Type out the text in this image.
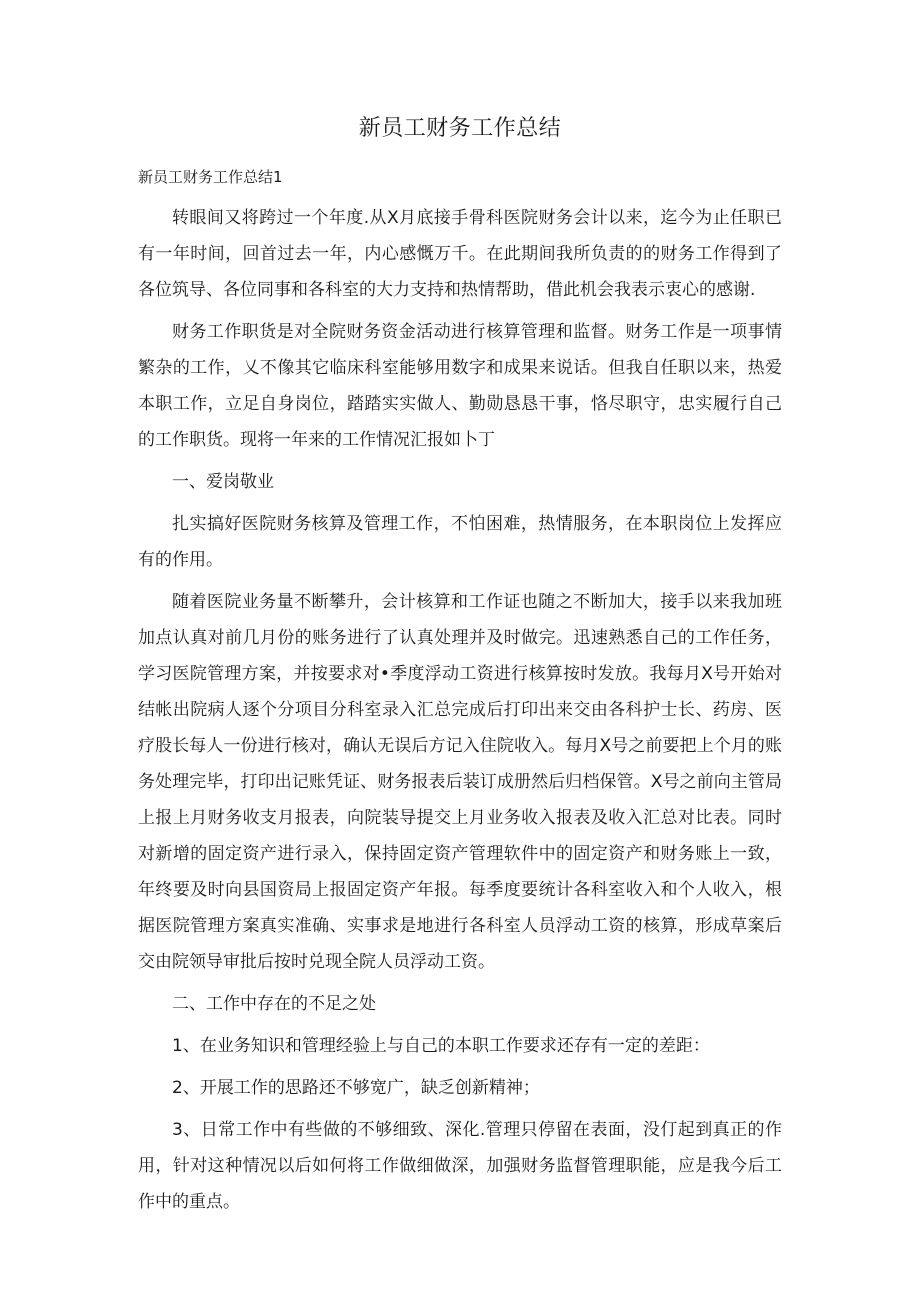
新员工财务工作总结
新员工财务工作总结1

转眼间又将跨过一个年度.从X月底接手骨科医院财务会计以来，迄今为止任职已有一年时间，回首过去一年，内心感慨万千。在此期间我所负责的的财务工作得到了各位筑导、各位同事和各科室的大力支持和热情帮助，借此机会我表示衷心的感谢.

财务工作职货是对全院财务资金活动进行核算管理和监督。财务工作是一项事情繁杂的工作，乂不像其它临床科室能够用数字和成果来说话。但我自任职以来，热爱本职工作，立足自身岗位，踏踏实实做人、勤勋恳恳干事，恪尽职守，忠实履行自己的工作职货。现将一年来的工作情况汇报如卜丁

一、爱岗敬业

扎实搞好医院财务核算及管理工作，不怕困难，热情服务，在本职岗位上发挥应有的作用。

随着医院业务量不断攀升，会计核算和工作证也随之不断加大，接手以来我加班加点认真对前几月份的账务进行了认真处理并及时做完。迅速熟悉自己的工作任务，学习医院管理方案，并按要求对•季度浮动工资进行核算按时发放。我每月X号开始对结帐出院病人逐个分项目分科室录入汇总完成后打印出来交由各科护士长、药房、医疗股长每人一份进行核对，确认无误后方记入住院收入。每月X号之前要把上个月的账务处理完毕，打印出记账凭证、财务报表后装订成册然后归档保管。X号之前向主管局上报上月财务收支月报表，向院装导提交上月业务收入报表及收入汇总对比表。同时对新增的固定资产进行录入，保持固定资产管理软件中的固定资产和财务账上一致，年终要及时向县国资局上报固定资产年报。每季度要统计各科室收入和个人收入，根据医院管理方案真实准确、实事求是地进行各科室人员浮动工资的核算，形成草案后交由院领导审批后按时兑现全院人员浮动工资。

二、工作中存在的不足之处

1、在业务知识和管理经验上与自己的本职工作要求还存有一定的差距：

2、开展工作的思路还不够宽广，缺乏创新精神；

3、日常工作中有些做的不够细致、深化.管理只停留在表面，没仃起到真正的作用，针对这种情况以后如何将工作做细做深，加强财务监督管理职能，应是我今后工作中的重点。
